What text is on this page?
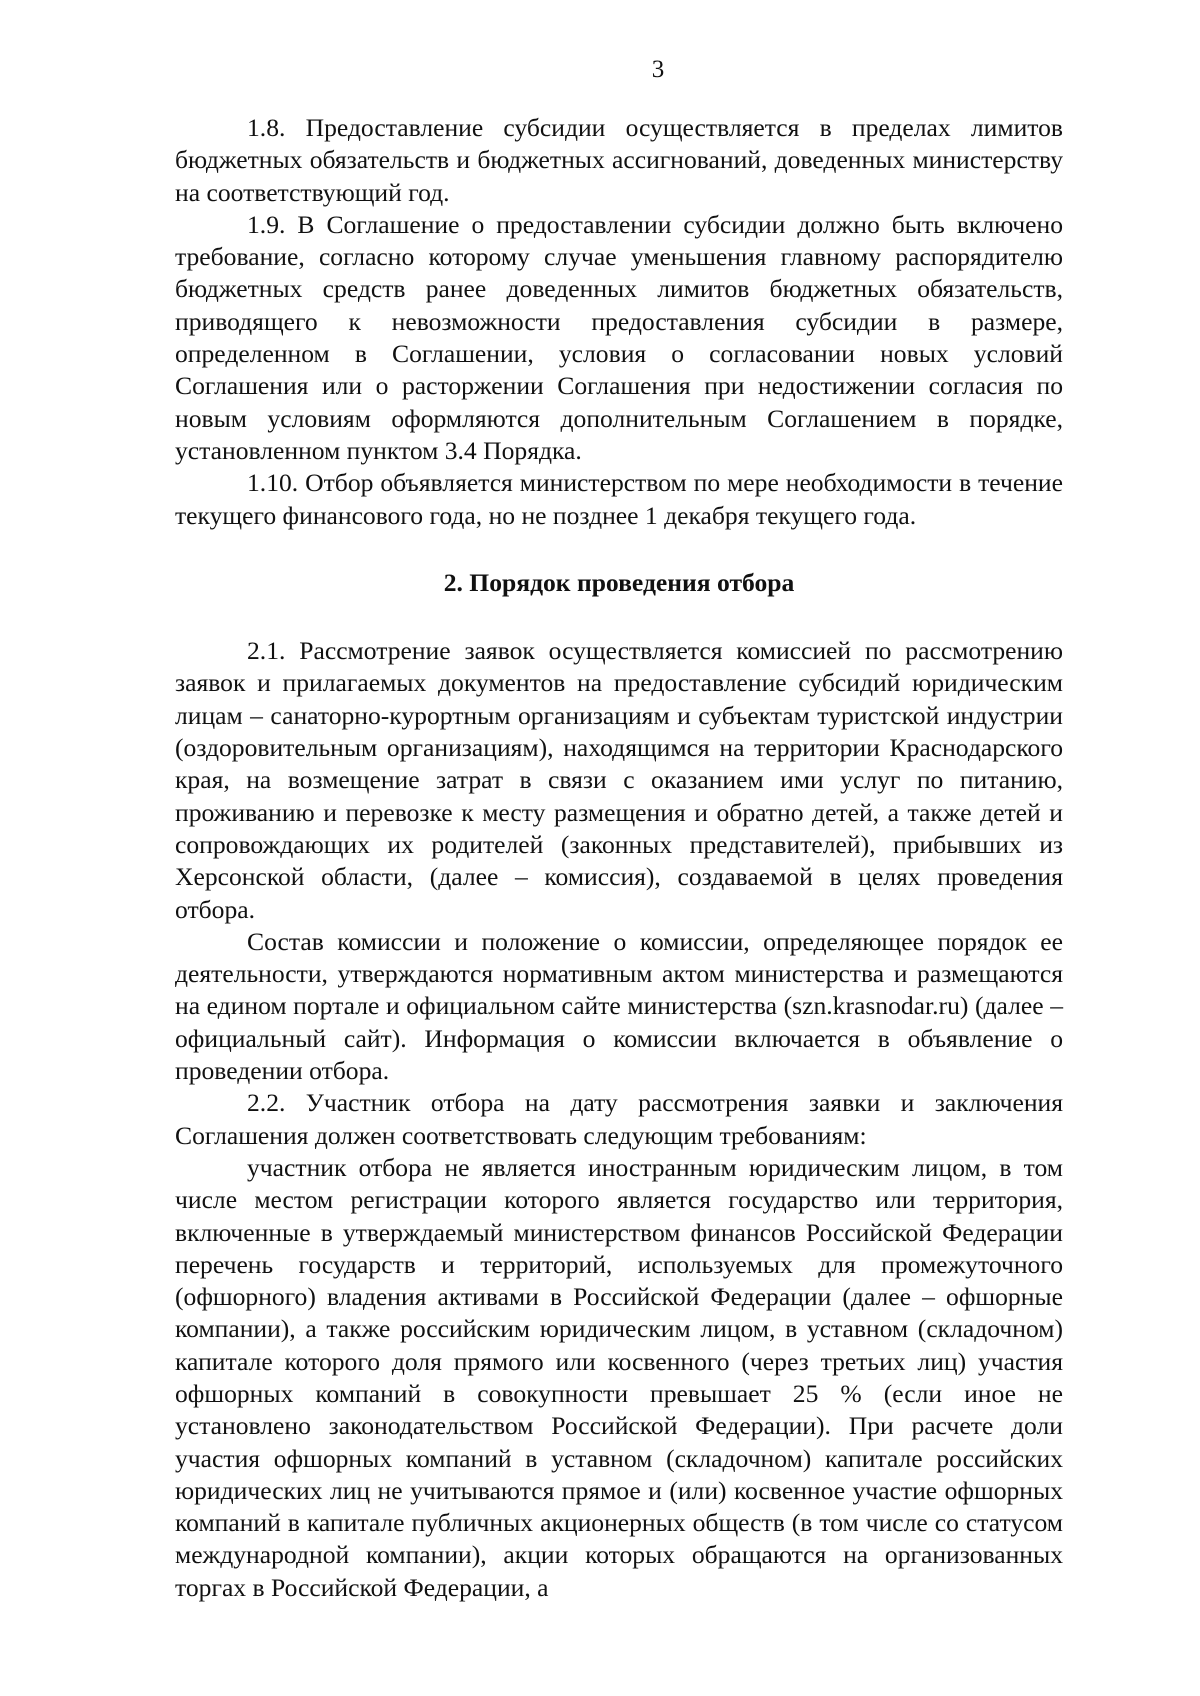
3

1.8. Предоставление субсидии осуществляется в пределах лимитов бюджетных обязательств и бюджетных ассигнований, доведенных министерству на соответствующий год.

1.9. В Соглашение о предоставлении субсидии должно быть включено требование, согласно которому случае уменьшения главному распорядителю бюджетных средств ранее доведенных лимитов бюджетных обязательств, приводящего к невозможности предоставления субсидии в размере, определенном в Соглашении, условия о согласовании новых условий Соглашения или о расторжении Соглашения при недостижении согласия по новым условиям оформляются дополнительным Соглашением в порядке, установленном пунктом 3.4 Порядка.

1.10. Отбор объявляется министерством по мере необходимости в течение текущего финансового года, но не позднее 1 декабря текущего года.

2. Порядок проведения отбора

2.1. Рассмотрение заявок осуществляется комиссией по рассмотрению заявок и прилагаемых документов на предоставление субсидий юридическим лицам – санаторно-курортным организациям и субъектам туристской индустрии (оздоровительным организациям), находящимся на территории Краснодарского края, на возмещение затрат в связи с оказанием ими услуг по питанию, проживанию и перевозке к месту размещения и обратно детей, а также детей и сопровождающих их родителей (законных представителей), прибывших из Херсонской области, (далее – комиссия), создаваемой в целях проведения отбора.

Состав комиссии и положение о комиссии, определяющее порядок ее деятельности, утверждаются нормативным актом министерства и размещаются на едином портале и официальном сайте министерства (szn.krasnodar.ru) (далее – официальный сайт). Информация о комиссии включается в объявление о проведении отбора.

2.2. Участник отбора на дату рассмотрения заявки и заключения Соглашения должен соответствовать следующим требованиям:

участник отбора не является иностранным юридическим лицом, в том числе местом регистрации которого является государство или территория, включенные в утверждаемый министерством финансов Российской Федерации перечень государств и территорий, используемых для промежуточного (офшорного) владения активами в Российской Федерации (далее – офшорные компании), а также российским юридическим лицом, в уставном (складочном) капитале которого доля прямого или косвенного (через третьих лиц) участия офшорных компаний в совокупности превышает 25 % (если иное не установлено законодательством Российской Федерации). При расчете доли участия офшорных компаний в уставном (складочном) капитале российских юридических лиц не учитываются прямое и (или) косвенное участие офшорных компаний в капитале публичных акционерных обществ (в том числе со статусом международной компании), акции которых обращаются на организованных торгах в Российской Федерации, а
